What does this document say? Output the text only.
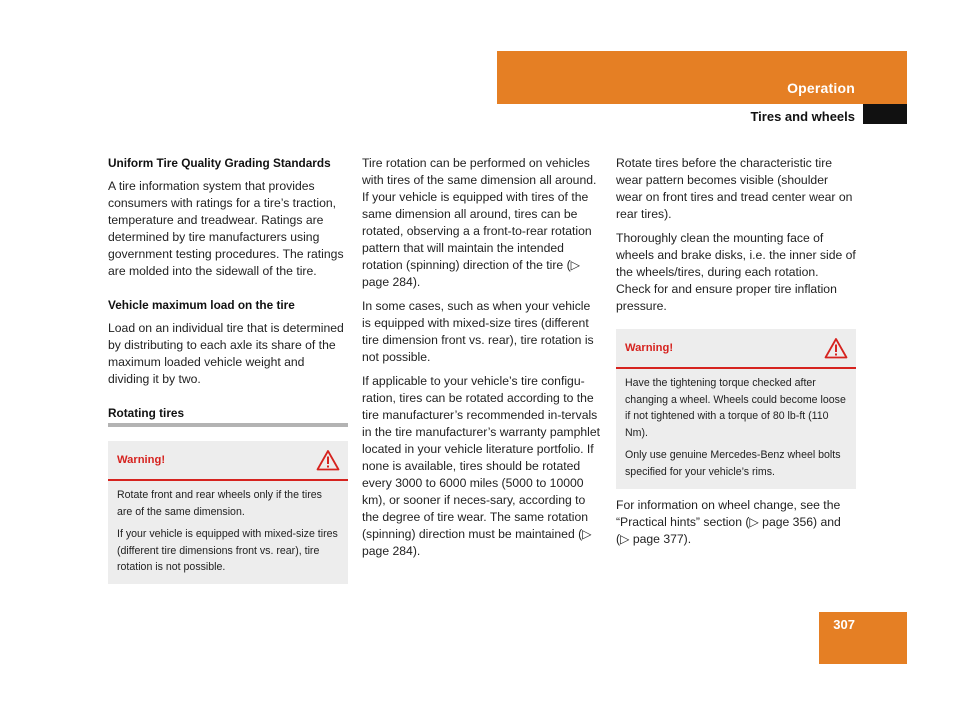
Operation
Tires and wheels
Uniform Tire Quality Grading Standards

A tire information system that provides consumers with ratings for a tire’s traction, temperature and treadwear. Ratings are determined by tire manufacturers using government testing procedures. The ratings are molded into the sidewall of the tire.

Vehicle maximum load on the tire

Load on an individual tire that is determined by distributing to each axle its share of the maximum loaded vehicle weight and dividing it by two.

Rotating tires
Warning!

Rotate front and rear wheels only if the tires are of the same dimension.

If your vehicle is equipped with mixed-size tires (different tire dimensions front vs. rear), tire rotation is not possible.

Tire rotation can be performed on vehicles with tires of the same dimension all around. If your vehicle is equipped with tires of the same dimension all around, tires can be rotated, observing a a front-to-rear rotation pattern that will maintain the intended rotation (spinning) direction of the tire (▷ page 284).

In some cases, such as when your vehicle is equipped with mixed-size tires (different tire dimension front vs. rear), tire rotation is not possible.

If applicable to your vehicle’s tire configu-ration, tires can be rotated according to the tire manufacturer’s recommended in-tervals in the tire manufacturer’s warranty pamphlet located in your vehicle literature portfolio. If none is available, tires should be rotated every 3000 to 6000 miles (5000 to 10000 km), or sooner if neces-sary, according to the degree of tire wear. The same rotation (spinning) direction must be maintained (▷ page 284).

Rotate tires before the characteristic tire wear pattern becomes visible (shoulder wear on front tires and tread center wear on rear tires).

Thoroughly clean the mounting face of wheels and brake disks, i.e. the inner side of the wheels/tires, during each rotation. Check for and ensure proper tire inflation pressure.

Warning!

Have the tightening torque checked after changing a wheel. Wheels could become loose if not tightened with a torque of 80 lb-ft (110 Nm).

Only use genuine Mercedes-Benz wheel bolts specified for your vehicle’s rims.

For information on wheel change, see the “Practical hints” section (▷ page 356) and (▷ page 377).

307
